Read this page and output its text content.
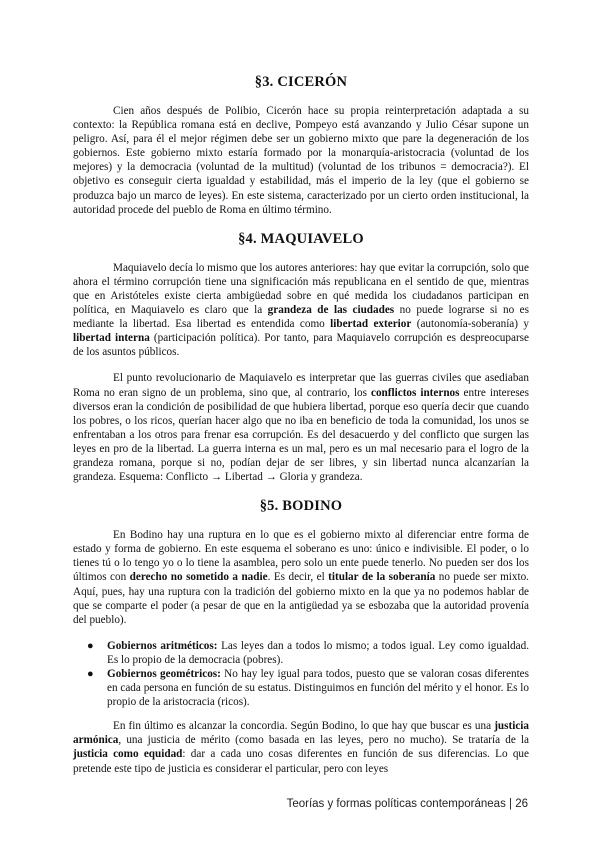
§3. CICERÓN

Cien años después de Polibio, Cicerón hace su propia reinterpretación adaptada a su contexto: la República romana está en declive, Pompeyo está avanzando y Julio César supone un peligro. Así, para él el mejor régimen debe ser un gobierno mixto que pare la degeneración de los gobiernos. Este gobierno mixto estaría formado por la monarquía-aristocracia (voluntad de los mejores) y la democracia (voluntad de la multitud) (voluntad de los tribunos = democracia?). El objetivo es conseguir cierta igualdad y estabilidad, más el imperio de la ley (que el gobierno se produzca bajo un marco de leyes). En este sistema, caracterizado por un cierto orden institucional, la autoridad procede del pueblo de Roma en último término.

§4. MAQUIAVELO

Maquiavelo decía lo mismo que los autores anteriores: hay que evitar la corrupción, solo que ahora el término corrupción tiene una significación más republicana en el sentido de que, mientras que en Aristóteles existe cierta ambigüedad sobre en qué medida los ciudadanos participan en política, en Maquiavelo es claro que la grandeza de las ciudades no puede lograrse si no es mediante la libertad. Esa libertad es entendida como libertad exterior (autonomía-soberanía) y libertad interna (participación política). Por tanto, para Maquiavelo corrupción es despreocuparse de los asuntos públicos.

El punto revolucionario de Maquiavelo es interpretar que las guerras civiles que asediaban Roma no eran signo de un problema, sino que, al contrario, los conflictos internos entre intereses diversos eran la condición de posibilidad de que hubiera libertad, porque eso quería decir que cuando los pobres, o los ricos, querían hacer algo que no iba en beneficio de toda la comunidad, los unos se enfrentaban a los otros para frenar esa corrupción. Es del desacuerdo y del conflicto que surgen las leyes en pro de la libertad. La guerra interna es un mal, pero es un mal necesario para el logro de la grandeza romana, porque si no, podían dejar de ser libres, y sin libertad nunca alcanzarían la grandeza. Esquema: Conflicto → Libertad → Gloria y grandeza.

§5. BODINO

En Bodino hay una ruptura en lo que es el gobierno mixto al diferenciar entre forma de estado y forma de gobierno. En este esquema el soberano es uno: único e indivisible. El poder, o lo tienes tú o lo tengo yo o lo tiene la asamblea, pero solo un ente puede tenerlo. No pueden ser dos los últimos con derecho no sometido a nadie. Es decir, el titular de la soberanía no puede ser mixto. Aquí, pues, hay una ruptura con la tradición del gobierno mixto en la que ya no podemos hablar de que se comparte el poder (a pesar de que en la antigüedad ya se esbozaba que la autoridad provenía del pueblo).

● Gobiernos aritméticos: Las leyes dan a todos lo mismo; a todos igual. Ley como igualdad. Es lo propio de la democracia (pobres).
● Gobiernos geométricos: No hay ley igual para todos, puesto que se valoran cosas diferentes en cada persona en función de su estatus. Distinguimos en función del mérito y el honor. Es lo propio de la aristocracia (ricos).

En fin último es alcanzar la concordia. Según Bodino, lo que hay que buscar es una justicia armónica, una justicia de mérito (como basada en las leyes, pero no mucho). Se trataría de la justicia como equidad: dar a cada uno cosas diferentes en función de sus diferencias. Lo que pretende este tipo de justicia es considerar el particular, pero con leyes

Teorías y formas políticas contemporáneas | 26
